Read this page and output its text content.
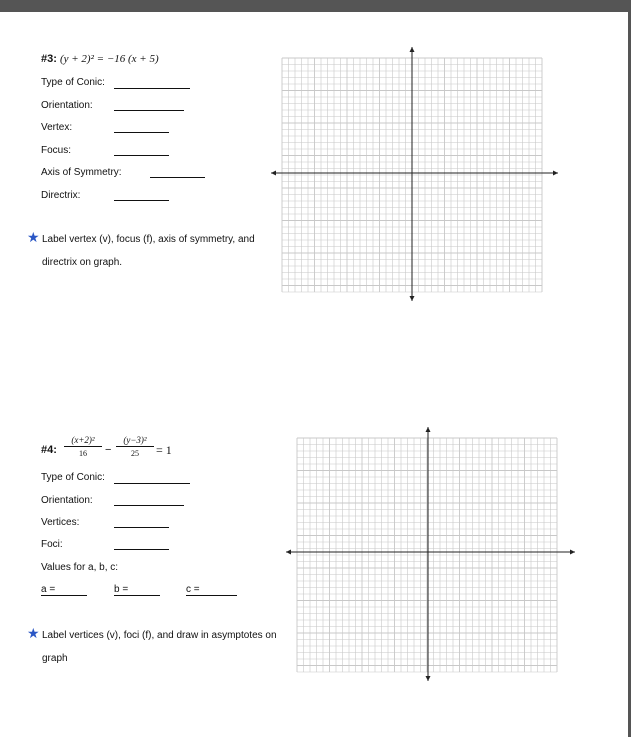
#3: (y + 2)² = −16 (x + 5)
Type of Conic:
Orientation:
Vertex:
Focus:
Axis of Symmetry:
Directrix:
★ Label vertex (v), focus (f), axis of symmetry, and
directrix on graph.
#4: $\frac{\text{(x+2)²}}{16} - \frac{\text{(y−3)²}}{25} = 1$
Type of Conic:
Orientation:
Vertices:
Foci:
Values for a, b, c:
a =	b =	c =
★ Label vertices (v), foci (f), and draw in asymptotes on
graph
